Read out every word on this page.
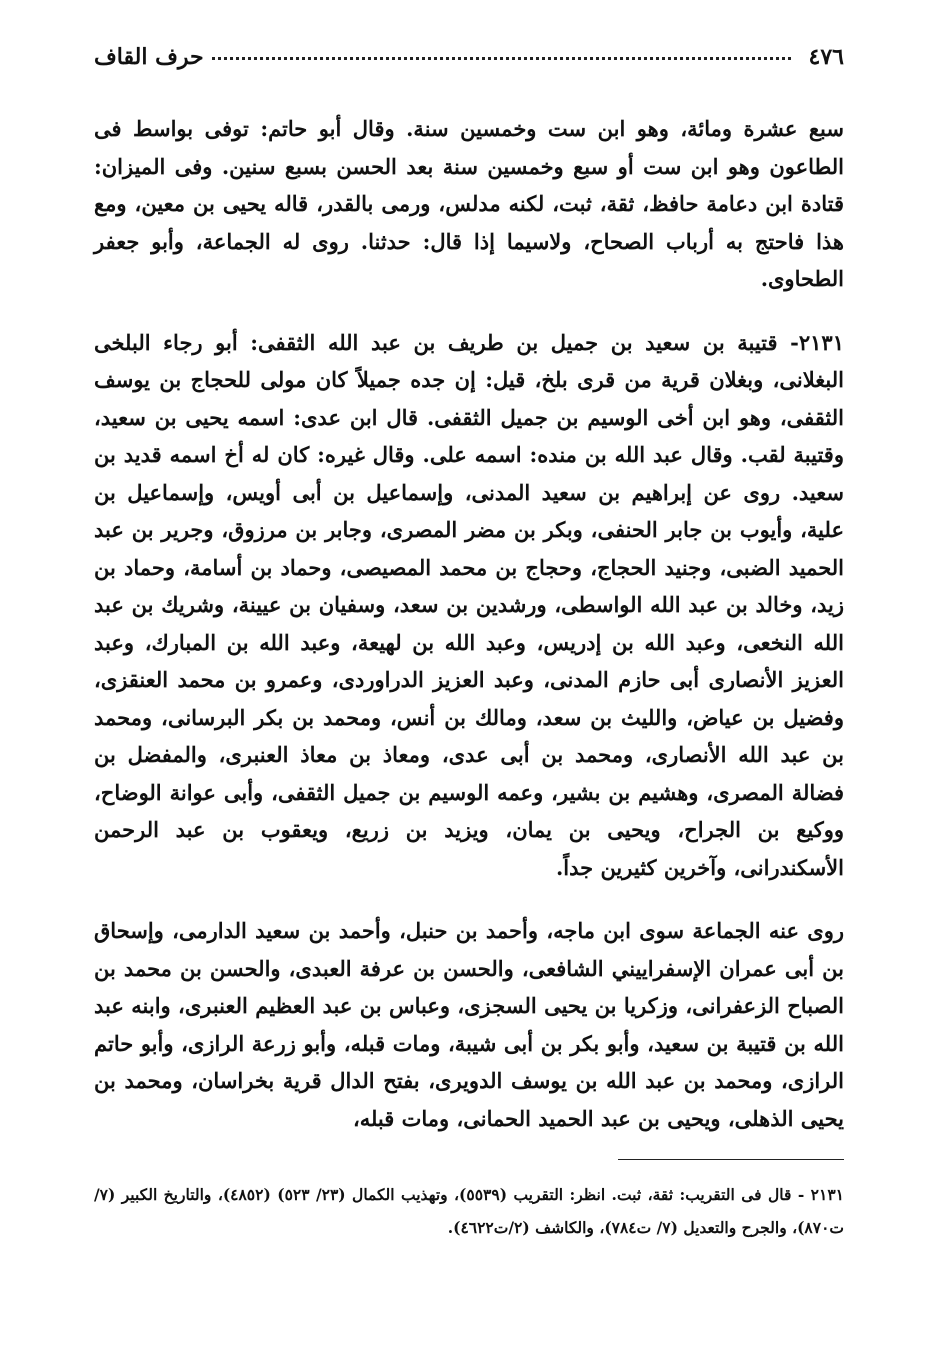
٤٧٦
حرف القاف

سبع عشرة ومائة، وهو ابن ست وخمسين سنة. وقال أبو حاتم: توفى بواسط فى الطاعون وهو ابن ست أو سبع وخمسين سنة بعد الحسن بسبع سنين. وفى الميزان: قتادة ابن دعامة حافظ، ثقة، ثبت، لكنه مدلس، ورمى بالقدر، قاله يحيى بن معين، ومع هذا فاحتج به أرباب الصحاح، ولاسيما إذا قال: حدثنا. روى له الجماعة، وأبو جعفر الطحاوى.

٢١٣١- قتيبة بن سعيد بن جميل بن طريف بن عبد الله الثقفى: أبو رجاء البلخى البغلانى، وبغلان قرية من قرى بلخ، قيل: إن جده جميلاً كان مولى للحجاج بن يوسف الثقفى، وهو ابن أخى الوسيم بن جميل الثقفى. قال ابن عدى: اسمه يحيى بن سعيد، وقتيبة لقب. وقال عبد الله بن منده: اسمه على. وقال غيره: كان له أخ اسمه قديد بن سعيد. روى عن إبراهيم بن سعيد المدنى، وإسماعيل بن أبى أويس، وإسماعيل بن علية، وأيوب بن جابر الحنفى، وبكر بن مضر المصرى، وجابر بن مرزوق، وجرير بن عبد الحميد الضبى، وجنيد الحجاج، وحجاج بن محمد المصيصى، وحماد بن أسامة، وحماد بن زيد، وخالد بن عبد الله الواسطى، ورشدين بن سعد، وسفيان بن عيينة، وشريك بن عبد الله النخعى، وعبد الله بن إدريس، وعبد الله بن لهيعة، وعبد الله بن المبارك، وعبد العزيز الأنصارى أبى حازم المدنى، وعبد العزيز الدراوردى، وعمرو بن محمد العنقزى، وفضيل بن عياض، والليث بن سعد، ومالك بن أنس، ومحمد بن بكر البرسانى، ومحمد بن عبد الله الأنصارى، ومحمد بن أبى عدى، ومعاذ بن معاذ العنبرى، والمفضل بن فضالة المصرى، وهشيم بن بشير، وعمه الوسيم بن جميل الثقفى، وأبى عوانة الوضاح، ووكيع بن الجراح، ويحيى بن يمان، ويزيد بن زريع، ويعقوب بن عبد الرحمن الأسكندرانى، وآخرين كثيرين جداً.

روى عنه الجماعة سوى ابن ماجه، وأحمد بن حنبل، وأحمد بن سعيد الدارمى، وإسحاق بن أبى عمران الإسفراييني الشافعى، والحسن بن عرفة العبدى، والحسن بن محمد بن الصباح الزعفرانى، وزكريا بن يحيى السجزى، وعباس بن عبد العظيم العنبرى، وابنه عبد الله بن قتيبة بن سعيد، وأبو بكر بن أبى شيبة، ومات قبله، وأبو زرعة الرازى، وأبو حاتم الرازى، ومحمد بن عبد الله بن يوسف الدويرى، بفتح الدال قرية بخراسان، ومحمد بن يحيى الذهلى، ويحيى بن عبد الحميد الحمانى، ومات قبله،

٢١٣١ - قال فى التقريب: ثقة، ثبت. انظر: التقريب (٥٥٣٩)، وتهذيب الكمال (٢٣/ ٥٢٣) (٤٨٥٢)، والتاريخ الكبير (٧/ت٨٧٠)، والجرح والتعديل (٧/ ت٧٨٤)، والكاشف (٢/ت٤٦٢٢).
